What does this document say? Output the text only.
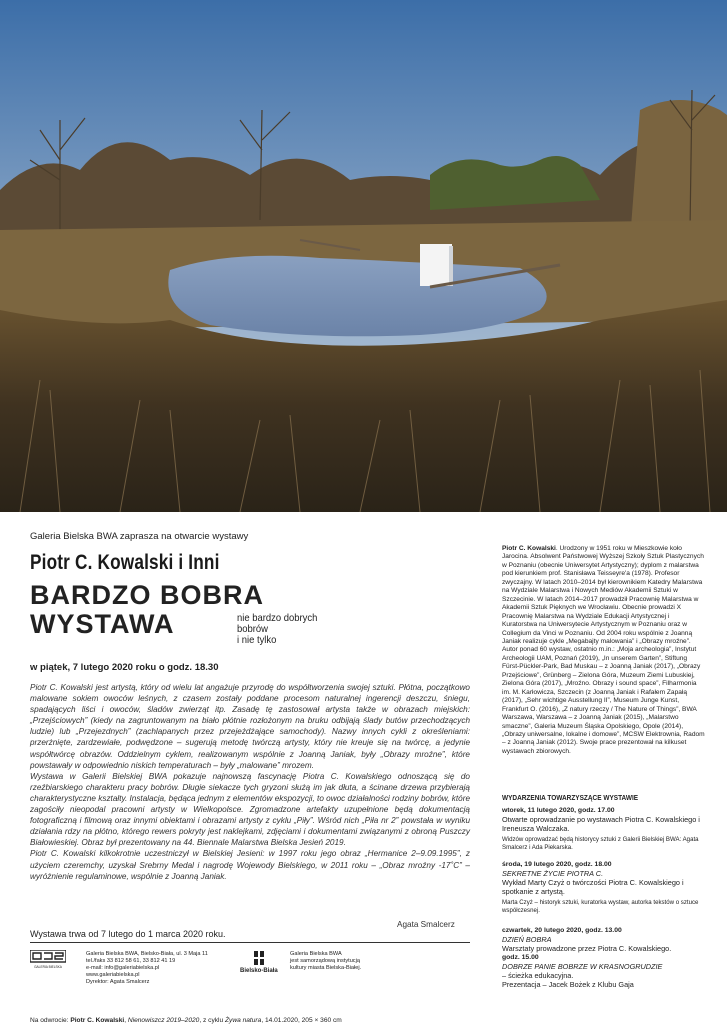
Galeria Bielska BWA zaprasza na otwarcie wystawy
Piotr C. Kowalski i Inni
BARDZO BOBRA
WYSTAWA	nie bardzo dobrych
bobrów
i nie tylko
w piątek, 7 lutego 2020 roku o godz. 18.30

Piotr C. Kowalski jest artystą, który od wielu lat angażuje przyrodę do współtworzenia swojej sztuki. Płótna, początkowo malowane sokiem owoców leśnych, z czasem zostały poddane procesom naturalnej ingerencji deszczu, śniegu, spadających liści i owoców, śladów zwierząt itp. Zasadę tę zastosował artysta także w obrazach miejskich: „Przejściowych” (kiedy na zagruntowanym na biało płótnie rozłożonym na bruku odbijają ślady butów przechodzących ludzie) lub „Przejezdnych” (zachlapanych przez przejeżdżające samochody). Nazwy innych cykli z określeniami: przerżnięte, zardzewiałe, podwędzone – sugerują metodę twórczą artysty, który nie kreuje się na twórcę, a jedynie współtwórcę obrazów. Oddzielnym cyklem, realizowanym wspólnie z Joanną Janiak, były „Obrazy mroźne”, które powstawały w odpowiednio niskich temperaturach – były „malowane” mrozem.

Wystawa w Galerii Bielskiej BWA pokazuje najnowszą fascynację Piotra C. Kowalskiego odnoszącą się do rzeźbiarskiego charakteru pracy bobrów. Długie siekacze tych gryzoni służą im jak dłuta, a ścinane drzewa przybierają charakterystyczne kształty. Instalacja, będąca jednym z elementów ekspozycji, to owoc działalności rodziny bobrów, które zagościły nieopodal pracowni artysty w Wielkopolsce. Zgromadzone artefakty uzupełnione będą dokumentacją fotograficzną i filmową oraz innymi obiektami i obrazami artysty z cyklu „Piły”. Wśród nich „Piła nr 2” powstała w wyniku działania rdzy na płótno, którego rewers pokryty jest naklejkami, zdjęciami i dokumentami związanymi z obroną Puszczy Białowieskiej. Obraz był prezentowany na 44. Biennale Malarstwa Bielska Jesień 2019.

Piotr C. Kowalski kilkokrotnie uczestniczył w Bielskiej Jesieni: w 1997 roku jego obraz „Hermanice 2–9.09.1995”, z użyciem czeremchy, uzyskał Srebrny Medal i nagrodę Wojewody Bielskiego, w 2011 roku – „Obraz mroźny -17˚C” – wyróżnienie regulaminowe, wspólnie z Joanną Janiak.

Agata Smalcerz
Wystawa trwa od 7 lutego do 1 marca 2020 roku.
GALERIA BIELSKA
Galeria Bielska BWA, Bielsko-Biała, ul. 3 Maja 11
tel./faks 33 812 58 61, 33 812 41 19
e-mail: info@galeriabielska.pl
www.galeriabielska.pl
Dyrektor: Agata Smalcerz
Bielsko-Biała
Galeria Bielska BWA
jest samorządową instytucją
kultury miasta Bielska-Białej.
Na odwrocie: Piotr C. Kowalski, Nienowiszcz 2019–2020, z cyklu Żywa natura, 14.01.2020, 205 × 360 cm
Piotr C. Kowalski. Urodzony w 1951 roku w Mieszkowie koło Jarocina. Absolwent Państwowej Wyższej Szkoły Sztuk Plastycznych w Poznaniu (obecnie Uniwersytet Artystyczny); dyplom z malarstwa pod kierunkiem prof. Stanisława Teisseyre'a (1978). Profesor zwyczajny. W latach 2010–2014 był kierownikiem Katedry Malarstwa na Wydziale Malarstwa i Nowych Mediów Akademii Sztuki w Szczecinie. W latach 2014–2017 prowadził Pracownię Malarstwa w Akademii Sztuk Pięknych we Wrocławiu. Obecnie prowadzi X Pracownię Malarstwa na Wydziale Edukacji Artystycznej i Kuratorstwa na Uniwersytecie Artystycznym w Poznaniu oraz w Collegium da Vinci w Poznaniu. Od 2004 roku wspólnie z Joanną Janiak realizuje cykle „Megabajty malowania” i „Obrazy mroźne”. Autor ponad 60 wystaw, ostatnio m.in.: „Moja archeologia”, Instytut Archeologii UAM, Poznań (2019), „In unserem Garten”, Stiftung Fürst-Pückler-Park, Bad Muskau – z Joanną Janiak (2017), „Obrazy Przejściowe”, Grünberg – Zielona Góra, Muzeum Ziemi Lubuskiej, Zielona Góra (2017), „Mroźno. Obrazy i sound space”, Filharmonia im. M. Karłowicza, Szczecin (z Joanną Janiak i Rafałem Zapałą (2017), „Sehr wichtige Ausstellung II”, Museum Junge Kunst, Frankfurt O. (2016), „Z natury rzeczy / The Nature of Things”, BWA Warszawa, Warszawa – z Joanną Janiak (2015), „Malarstwo smaczne”, Galeria Muzeum Śląska Opolskiego, Opole (2014), „Obrazy uniwersalne, lokalne i domowe”, MCSW Elektrownia, Radom – z Joanną Janiak (2012). Swoje prace prezentował na kilkuset wystawach zbiorowych.
WYDARZENIA TOWARZYSZĄCE WYSTAWIE
wtorek, 11 lutego 2020, godz. 17.00
Otwarte oprowadzanie po wystawach Piotra C. Kowalskiego i Ireneusza Walczaka.
Widzów oprowadzać będą historycy sztuki z Galerii Bielskiej BWA: Agata Smalcerz i Ada Piekarska.
środa, 19 lutego 2020, godz. 18.00
SEKRETNE ŻYCIE PIOTRA C.
Wykład Marty Czyż o twórczości Piotra C. Kowalskiego i spotkanie z artystą.
Marta Czyż – historyk sztuki, kuratorka wystaw, autorka tekstów o sztuce współczesnej.
czwartek, 20 lutego 2020, godz. 13.00
DZIEŃ BOBRA
Warsztaty prowadzone przez Piotra C. Kowalskiego.
godz. 15.00
DOBRZE PANIE BOBRZE W KRASNOGRUDZIE
– ścieżka edukacyjna.
Prezentacja – Jacek Bożek z Klubu Gaja
